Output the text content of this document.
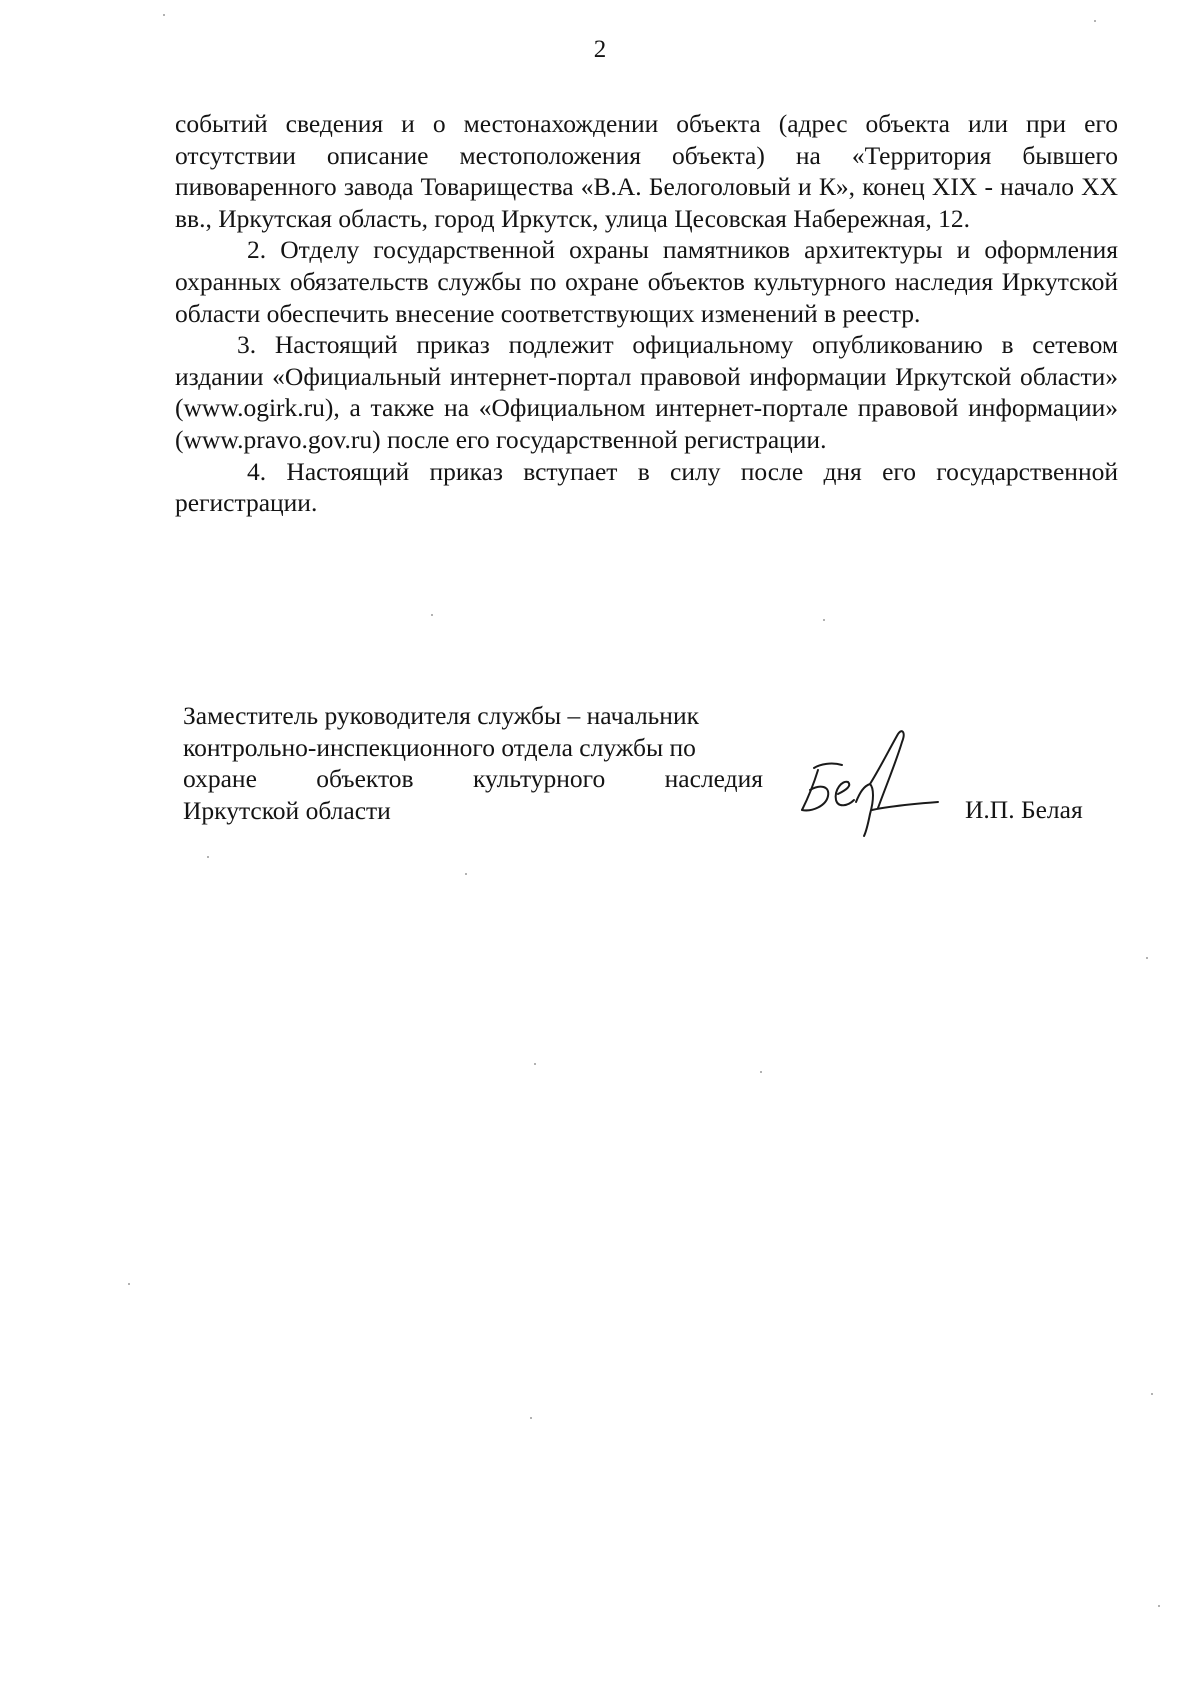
2

событий сведения и о местонахождении объекта (адрес объекта или при его отсутствии описание местоположения объекта) на «Территория бывшего пивоваренного завода Товарищества «В.А. Белоголовый и К», конец XIX - начало XX вв., Иркутская область, город Иркутск, улица Цесовская Набережная, 12.

2. Отделу государственной охраны памятников архитектуры и оформления охранных обязательств службы по охране объектов культурного наследия Иркутской области обеспечить внесение соответствующих изменений в реестр.

3. Настоящий приказ подлежит официальному опубликованию в сетевом издании «Официальный интернет-портал правовой информации Иркутской области» (www.ogirk.ru), а также на «Официальном интернет-портале правовой информации» (www.pravo.gov.ru) после его государственной регистрации.

4. Настоящий приказ вступает в силу после дня его государственной регистрации.

Заместитель руководителя службы – начальник
контрольно-инспекционного отдела службы по
охране объектов культурного наследия
Иркутской области	И.П. Белая
